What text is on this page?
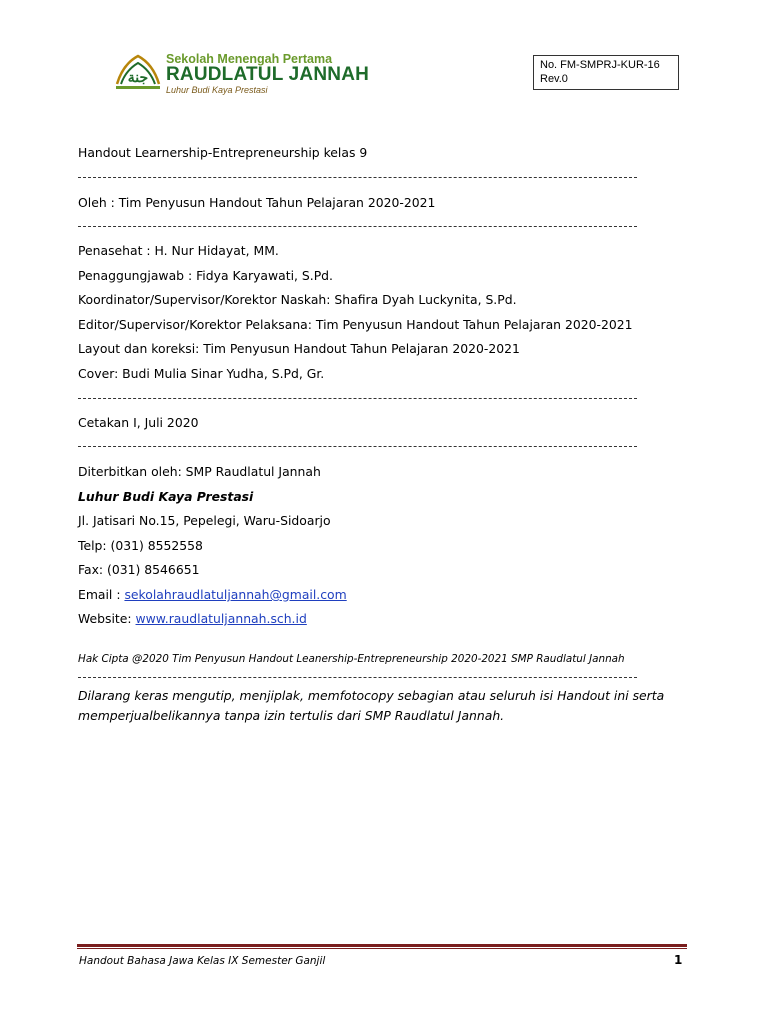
جنة
Sekolah Menengah Pertama
RAUDLATUL JANNAH
Luhur Budi Kaya Prestasi
No. FM-SMPRJ-KUR-16
Rev.0
Handout Learnership-Entrepreneurship kelas 9
Oleh : Tim Penyusun Handout Tahun Pelajaran 2020-2021
Penasehat : H. Nur Hidayat, MM.
Penaggungjawab : Fidya Karyawati, S.Pd.
Koordinator/Supervisor/Korektor Naskah: Shafira Dyah Luckynita, S.Pd.
Editor/Supervisor/Korektor Pelaksana: Tim Penyusun Handout Tahun Pelajaran 2020-2021
Layout dan koreksi: Tim Penyusun Handout Tahun Pelajaran 2020-2021
Cover: Budi Mulia Sinar Yudha, S.Pd, Gr.
Cetakan I, Juli 2020
Diterbitkan oleh: SMP Raudlatul Jannah
Luhur Budi Kaya Prestasi
Jl. Jatisari No.15, Pepelegi, Waru-Sidoarjo
Telp: (031) 8552558
Fax: (031) 8546651
Email : sekolahraudlatuljannah@gmail.com
Website: www.raudlatuljannah.sch.id
Hak Cipta @2020 Tim Penyusun Handout Leanership-Entrepreneurship 2020-2021 SMP Raudlatul Jannah
Dilarang keras mengutip, menjiplak, memfotocopy sebagian atau seluruh isi Handout ini serta
memperjualbelikannya tanpa izin tertulis dari SMP Raudlatul Jannah.
Handout Bahasa Jawa Kelas IX Semester Ganjil	1
